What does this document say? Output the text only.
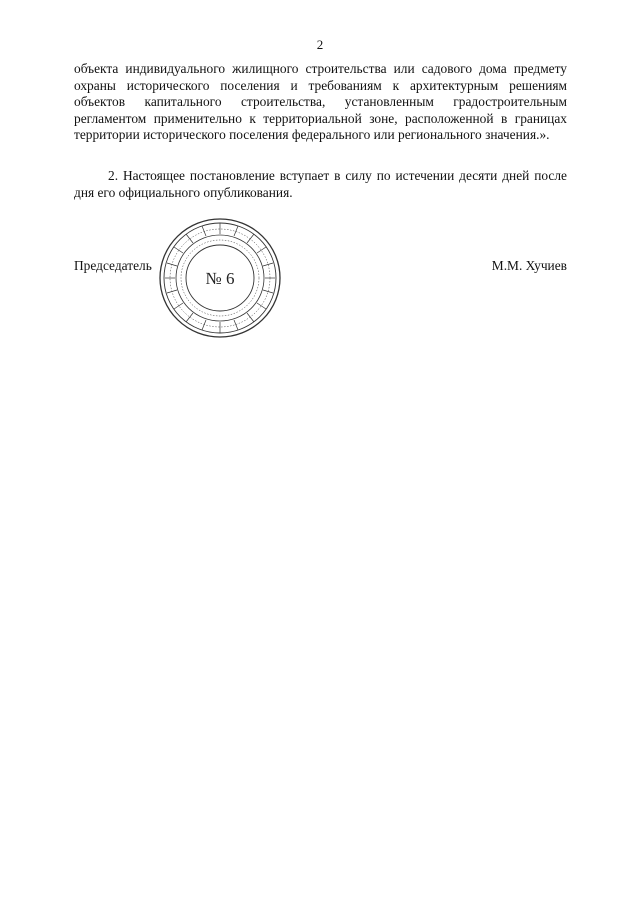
2

объекта индивидуального жилищного строительства или садового дома предмету охраны исторического поселения и требованиям к архитектурным решениям объектов капитального строительства, установленным градостроительным регламентом применительно к территориальной зоне, расположенной в границах территории исторического поселения федерального или регионального значения.».

2. Настоящее постановление вступает в силу по истечении десяти дней после дня его официального опубликования.

Председатель	М.М. Хучиев
№ 6
